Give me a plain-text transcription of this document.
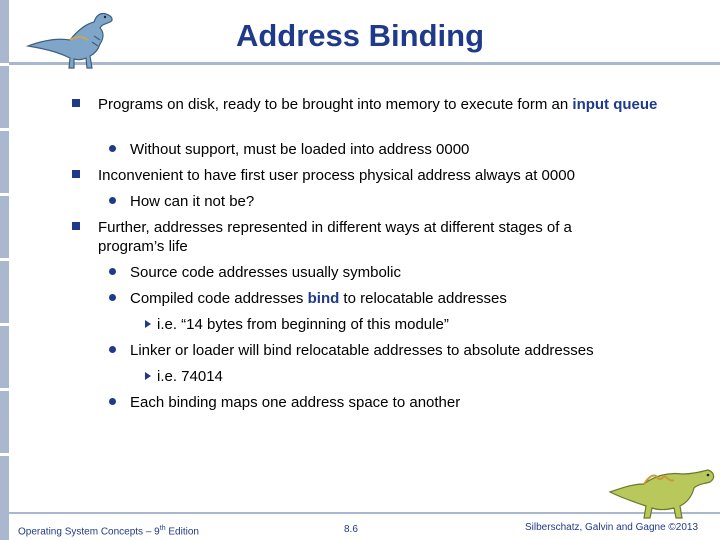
Address Binding
Programs on disk, ready to be brought into memory to execute form an input queue
Without support, must be loaded into address 0000
Inconvenient to have first user process physical address always at 0000
How can it not be?
Further, addresses represented in different ways at different stages of a
program’s life
Source code addresses usually symbolic
Compiled code addresses bind to relocatable addresses
i.e. “14 bytes from beginning of this module”
Linker or loader will bind relocatable addresses to absolute addresses
i.e. 74014
Each binding maps one address space to another
Operating System Concepts – 9th Edition	8.6	Silberschatz, Galvin and Gagne ©2013
